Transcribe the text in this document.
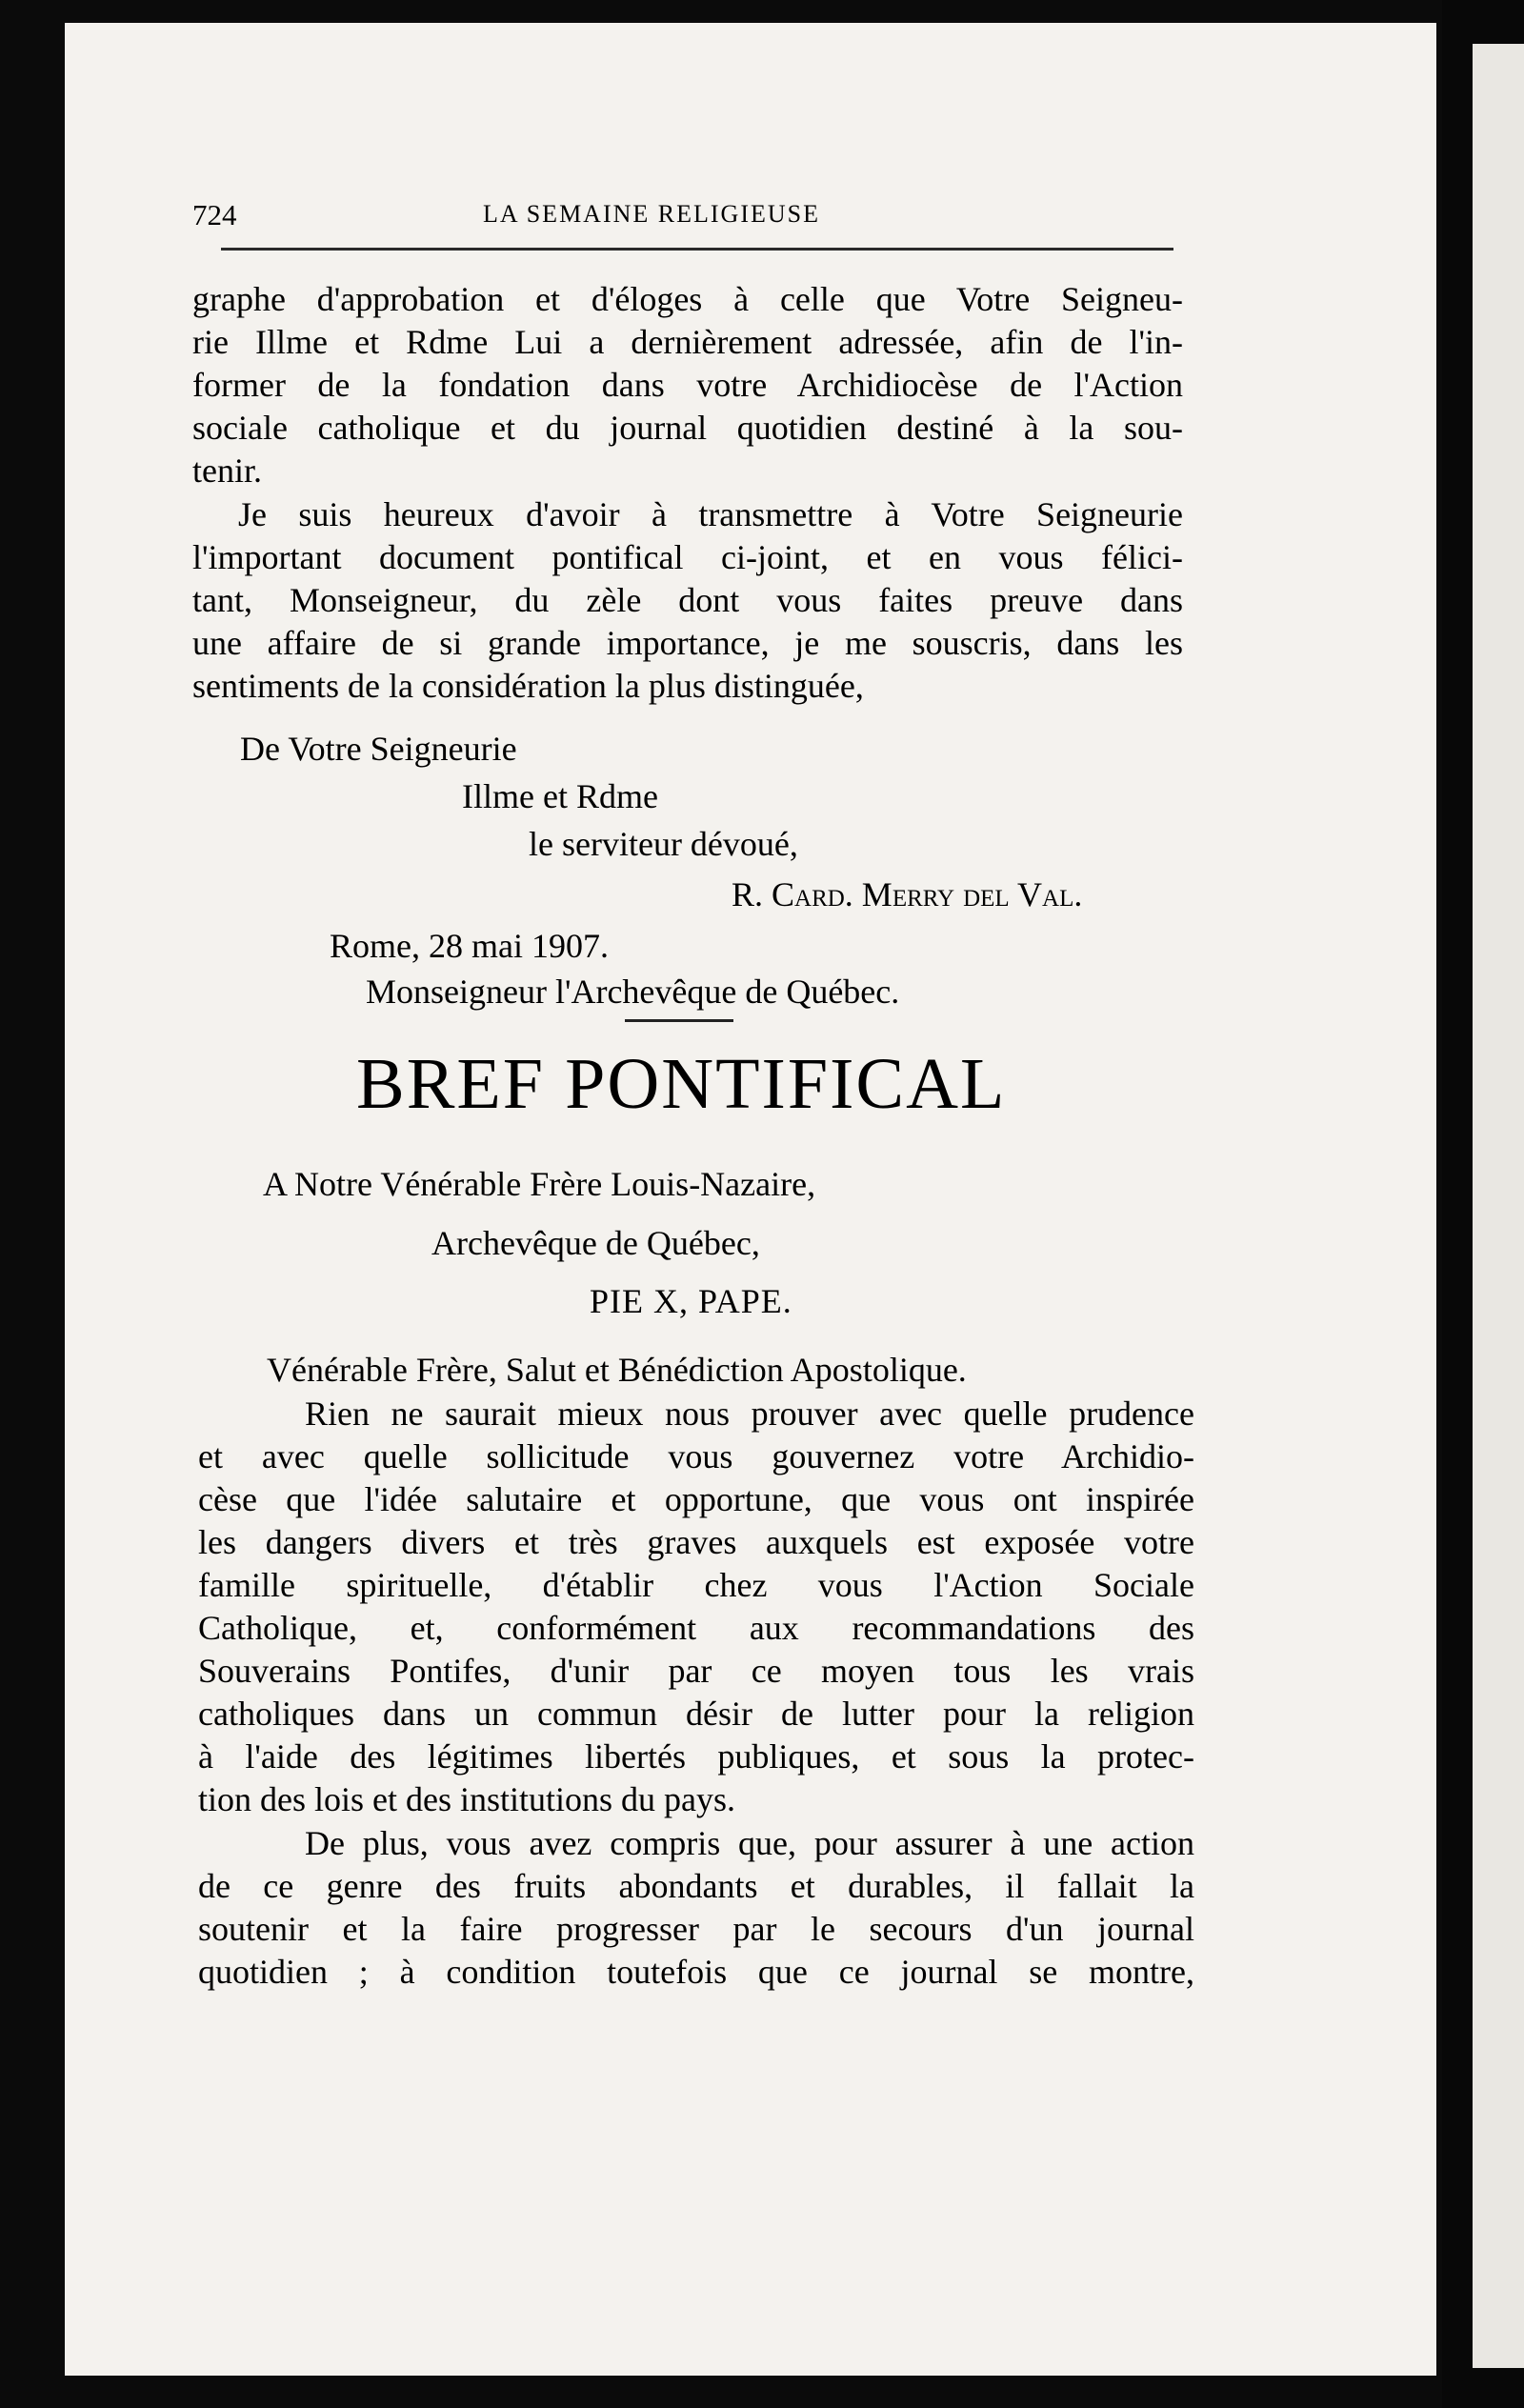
724	LA SEMAINE RELIGIEUSE
graphe d'approbation et d'éloges à celle que Votre Seigneu-
rie Illme et Rdme Lui a dernièrement adressée, afin de l'in-
former de la fondation dans votre Archidiocèse de l'Action
sociale catholique et du journal quotidien destiné à la sou-
tenir.
Je suis heureux d'avoir à transmettre à Votre Seigneurie
l'important document pontifical ci-joint, et en vous félici-
tant, Monseigneur, du zèle dont vous faites preuve dans
une affaire de si grande importance, je me souscris, dans les
sentiments de la considération la plus distinguée,
De Votre Seigneurie
Illme et Rdme
le serviteur dévoué,
R. Card. Merry del Val.
Rome, 28 mai 1907.
Monseigneur l'Archevêque de Québec.
BREF PONTIFICAL
A Notre Vénérable Frère Louis-Nazaire,
Archevêque de Québec,
PIE X, PAPE.
Vénérable Frère, Salut et Bénédiction Apostolique.
Rien ne saurait mieux nous prouver avec quelle prudence
et avec quelle sollicitude vous gouvernez votre Archidio-
cèse que l'idée salutaire et opportune, que vous ont inspirée
les dangers divers et très graves auxquels est exposée votre
famille spirituelle, d'établir chez vous l'Action Sociale
Catholique, et, conformément aux recommandations des
Souverains Pontifes, d'unir par ce moyen tous les vrais
catholiques dans un commun désir de lutter pour la religion
à l'aide des légitimes libertés publiques, et sous la protec-
tion des lois et des institutions du pays.
De plus, vous avez compris que, pour assurer à une action
de ce genre des fruits abondants et durables, il fallait la
soutenir et la faire progresser par le secours d'un journal
quotidien ; à condition toutefois que ce journal se montre,
